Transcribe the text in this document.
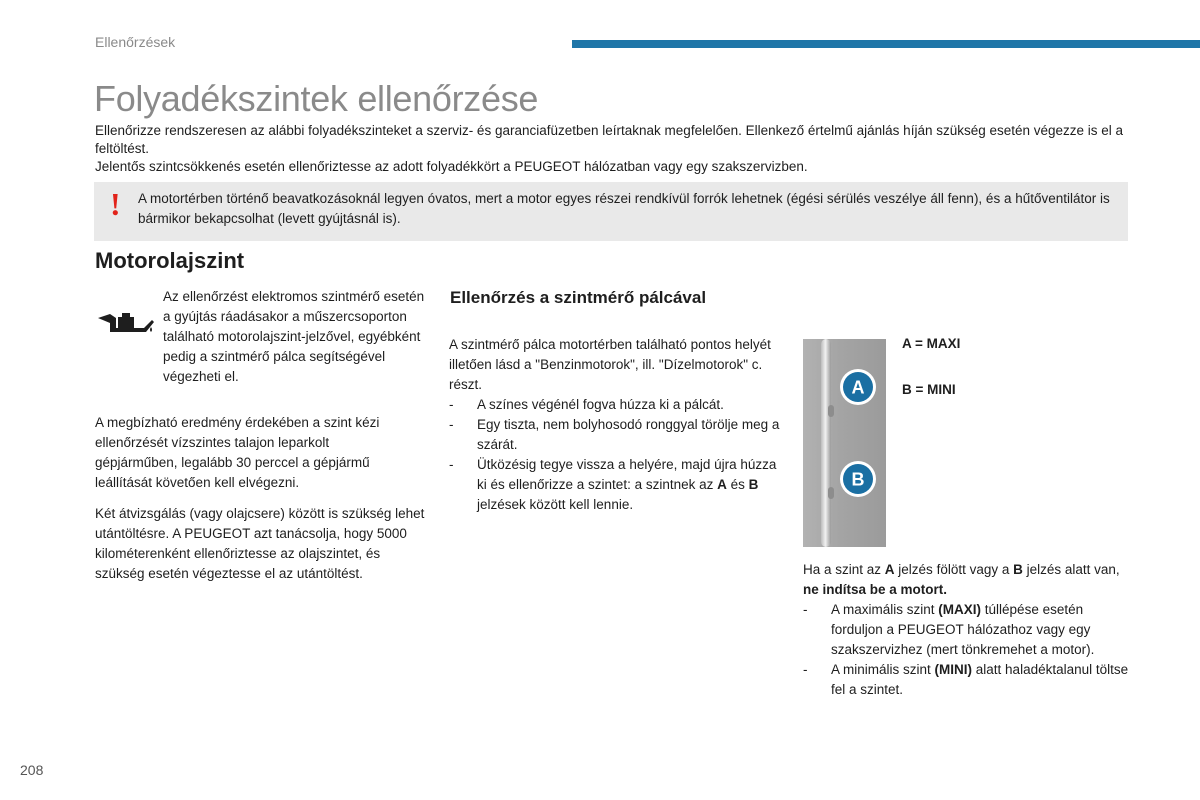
Ellenőrzések
Folyadékszintek ellenőrzése

Ellenőrizze rendszeresen az alábbi folyadékszinteket a szerviz- és garanciafüzetben leírtaknak megfelelően. Ellenkező értelmű ajánlás híján szükség esetén végezze is el a feltöltést.

Jelentős szintcsökkenés esetén ellenőriztesse az adott folyadékkört a PEUGEOT hálózatban vagy egy szakszervizben.

! A motortérben történő beavatkozásoknál legyen óvatos, mert a motor egyes részei rendkívül forrók lehetnek (égési sérülés veszélye áll fenn), és a hűtőventilátor is bármikor bekapcsolhat (levett gyújtásnál is).
Motorolajszint
Az ellenőrzést elektromos szintmérő esetén a gyújtás ráadásakor a műszercsoporton található motorolajszint-jelzővel, egyébként pedig a szintmérő pálca segítségével végezheti el.
A megbízható eredmény érdekében a szint kézi ellenőrzését vízszintes talajon leparkolt gépjárműben, legalább 30 perccel a gépjármű leállítását követően kell elvégezni.
Két átvizsgálás (vagy olajcsere) között is szükség lehet utántöltésre. A PEUGEOT azt tanácsolja, hogy 5000 kilométerenként ellenőriztesse az olajszintet, és szükség esetén végeztesse el az utántöltést.
Ellenőrzés a szintmérő pálcával
A szintmérő pálca motortérben található pontos helyét illetően lásd a "Benzinmotorok", ill. "Dízelmotorok" c. részt.
- A színes végénél fogva húzza ki a pálcát.
- Egy tiszta, nem bolyhosodó ronggyal törölje meg a szárát.
- Ütközésig tegye vissza a helyére, majd újra húzza ki és ellenőrizze a szintet: a szintnek az A és B jelzések között kell lennie.
A
B
A = MAXI
B = MINI
Ha a szint az A jelzés fölött vagy a B jelzés alatt van, ne indítsa be a motort.
- A maximális szint (MAXI) túllépése esetén forduljon a PEUGEOT hálózathoz vagy egy szakszervizhez (mert tönkremehet a motor).
- A minimális szint (MINI) alatt haladéktalanul töltse fel a szintet.
208
